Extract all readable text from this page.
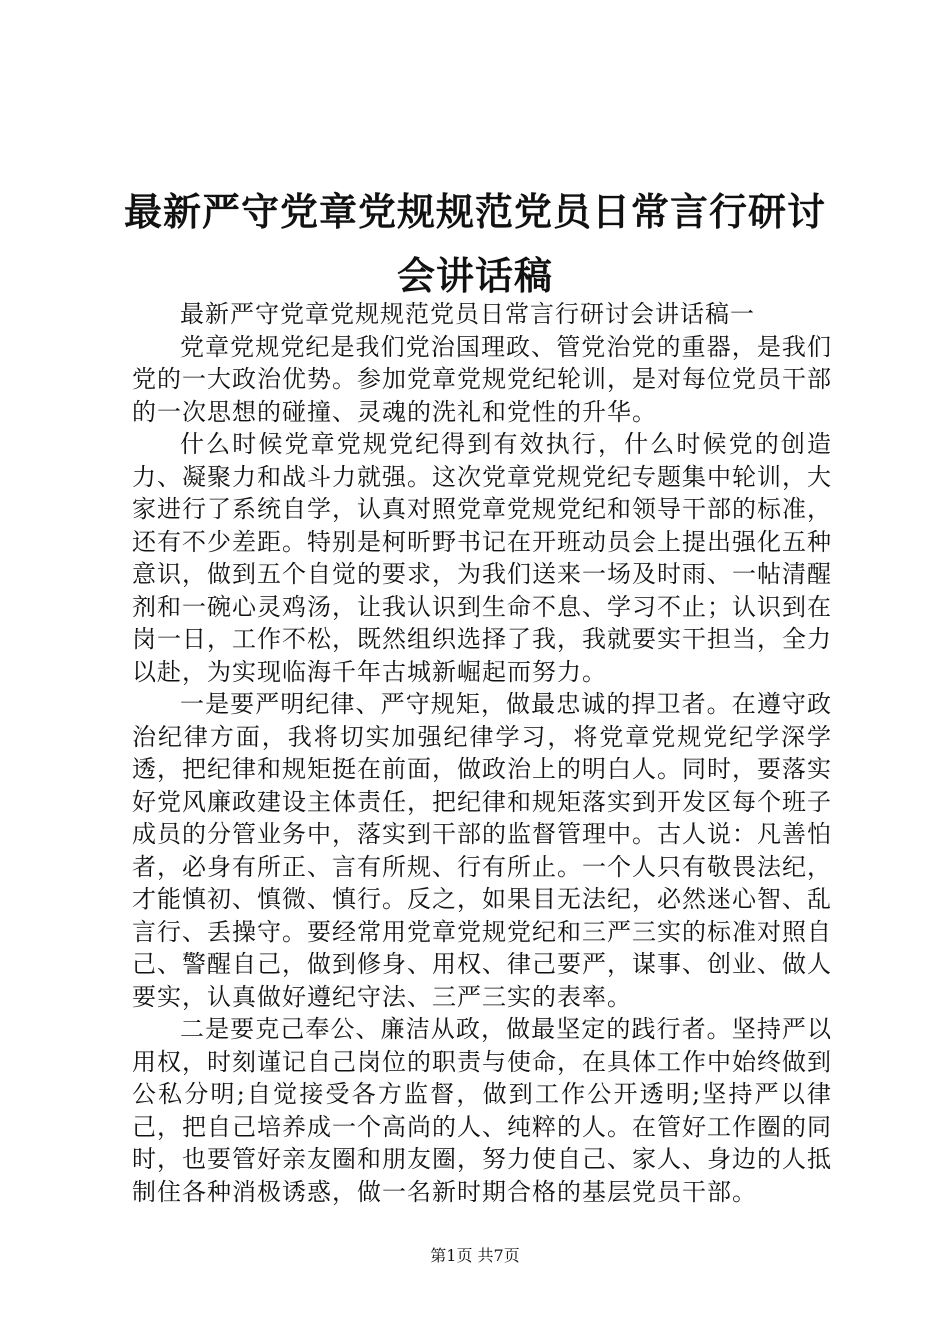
最新严守党章党规规范党员日常言行研讨会讲话稿

最新严守党章党规规范党员日常言行研讨会讲话稿一

党章党规党纪是我们党治国理政、管党治党的重器，是我们党的一大政治优势。参加党章党规党纪轮训，是对每位党员干部的一次思想的碰撞、灵魂的洗礼和党性的升华。

什么时候党章党规党纪得到有效执行，什么时候党的创造力、凝聚力和战斗力就强。这次党章党规党纪专题集中轮训，大家进行了系统自学，认真对照党章党规党纪和领导干部的标准，还有不少差距。特别是柯昕野书记在开班动员会上提出强化五种意识，做到五个自觉的要求，为我们送来一场及时雨、一帖清醒剂和一碗心灵鸡汤，让我认识到生命不息、学习不止；认识到在岗一日，工作不松，既然组织选择了我，我就要实干担当，全力以赴，为实现临海千年古城新崛起而努力。

一是要严明纪律、严守规矩，做最忠诚的捍卫者。在遵守政治纪律方面，我将切实加强纪律学习，将党章党规党纪学深学透，把纪律和规矩挺在前面，做政治上的明白人。同时，要落实好党风廉政建设主体责任，把纪律和规矩落实到开发区每个班子成员的分管业务中，落实到干部的监督管理中。古人说：凡善怕者，必身有所正、言有所规、行有所止。一个人只有敬畏法纪，才能慎初、慎微、慎行。反之，如果目无法纪，必然迷心智、乱言行、丢操守。要经常用党章党规党纪和三严三实的标准对照自己、警醒自己，做到修身、用权、律己要严，谋事、创业、做人要实，认真做好遵纪守法、三严三实的表率。

二是要克己奉公、廉洁从政，做最坚定的践行者。坚持严以用权，时刻谨记自己岗位的职责与使命，在具体工作中始终做到公私分明;自觉接受各方监督，做到工作公开透明;坚持严以律己，把自己培养成一个高尚的人、纯粹的人。在管好工作圈的同时，也要管好亲友圈和朋友圈，努力使自己、家人、身边的人抵制住各种消极诱惑，做一名新时期合格的基层党员干部。

第1页 共7页
